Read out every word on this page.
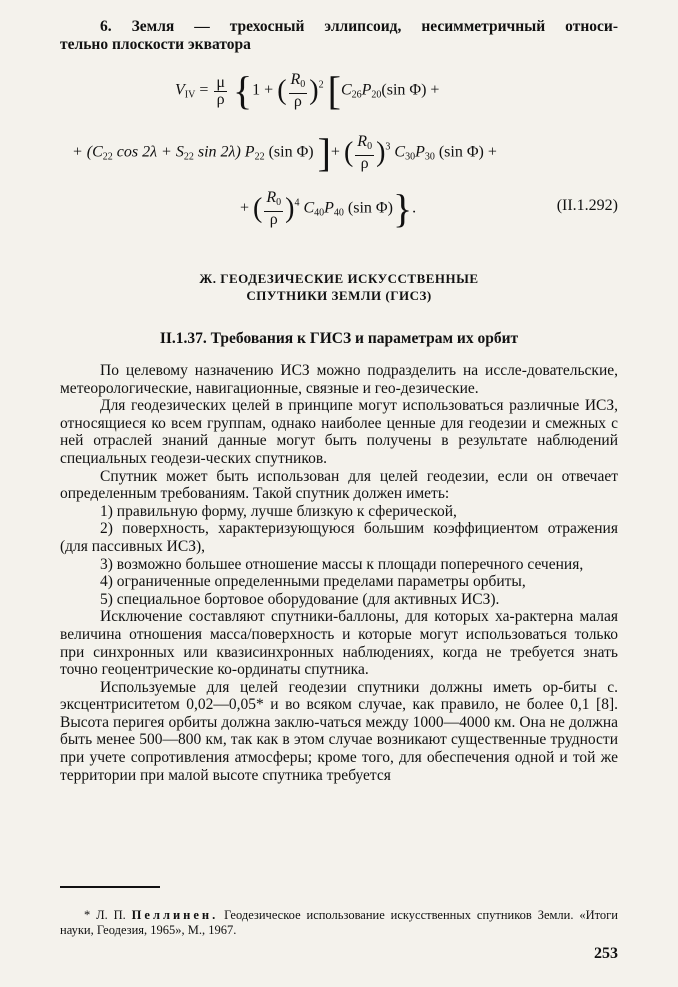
6. Земля — трехосный эллипсоид, несимметричный относи-

тельно плоскости экватора

$V_{IV} = \frac{\mu}{\rho} \{1$ + ( $\frac{R_0}{\rho} )^2$ [$C_{26}P_{20}(\sin$ Φ) +
+ ($C_{22}$ $\cos 2\lambda + S_{22}$ sin 2λ) $P_{22}$ (sin Φ) ]+ ( $\frac{R_0}{\rho} )^3$ $C_{30}P_{30}$ (sin Φ) +
+ ( $\frac{R_0}{\rho} )^4$ $C_{40}P_{40}$ (sin Φ)}.	(II.1.292)
Ж. ГЕОДЕЗИЧЕСКИЕ ИСКУССТВЕННЫЕ
СПУТНИКИ ЗЕМЛИ (ГИСЗ)
II.1.37. Требования к ГИСЗ и параметрам их орбит

По целевому назначению ИСЗ можно подразделить на иссле-довательские, метеорологические, навигационные, связные и гео-дезические.

Для геодезических целей в принципе могут использоваться различные ИСЗ, относящиеся ко всем группам, однако наиболее ценные для геодезии и смежных с ней отраслей знаний данные могут быть получены в результате наблюдений специальных геодези-ческих спутников.

Спутник может быть использован для целей геодезии, если он отвечает определенным требованиям. Такой спутник должен иметь:

1) правильную форму, лучше близкую к сферической,

2) поверхность, характеризующуюся большим коэффициентом отражения (для пассивных ИСЗ),

3) возможно большее отношение массы к площади поперечного сечения,

4) ограниченные определенными пределами параметры орбиты,

5) специальное бортовое оборудование (для активных ИСЗ).

Исключение составляют спутники-баллоны, для которых ха-рактерна малая величина отношения масса/поверхность и которые могут использоваться только при синхронных или квазисинхронных наблюдениях, когда не требуется знать точно геоцентрические ко-ординаты спутника.

Используемые для целей геодезии спутники должны иметь ор-биты с. эксцентриситетом 0,02—0,05* и во всяком случае, как правило, не более 0,1 [8]. Высота перигея орбиты должна заклю-чаться между 1000—4000 км. Она не должна быть менее 500—800 км, так как в этом случае возникают существенные трудности при учете сопротивления атмосферы; кроме того, для обеспечения одной и той же территории при малой высоте спутника требуется

* Л. П. Пеллинен. Геодезическое использование искусственных спутников Земли. «Итоги науки, Геодезия, 1965», М., 1967.

253
